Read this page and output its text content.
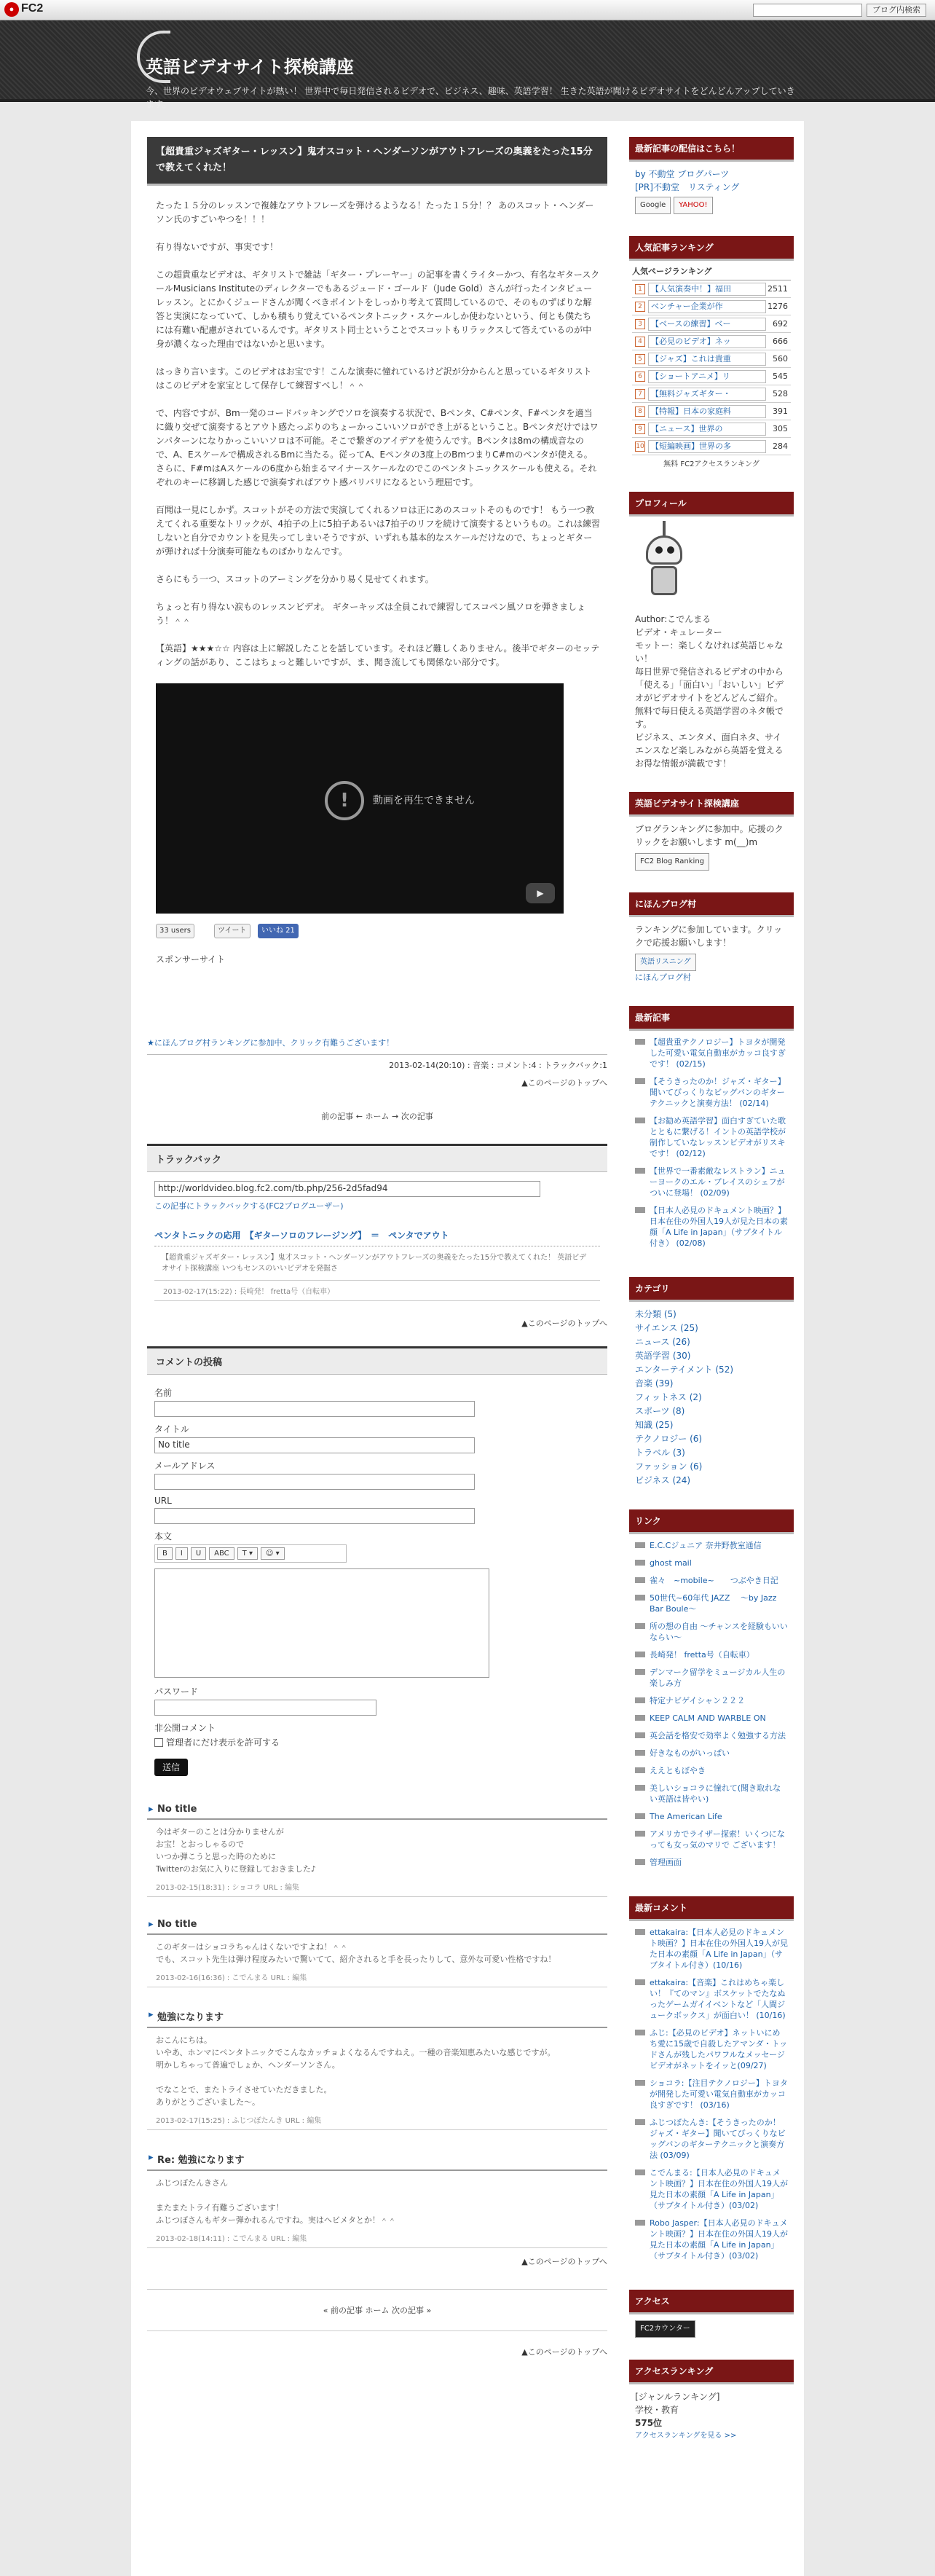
● FC2	ブログ内検索
英語ビデオサイト探検講座
今、世界のビデオウェブサイトが熱い！ 世界中で毎日発信されるビデオで、ビジネス、趣味、英語学習！ 生きた英語が聞けるビデオサイトをどんどんアップしていきます。
【超貴重ジャズギター・レッスン】鬼才スコット・ヘンダーソンがアウトフレーズの奥義をたった15分で教えてくれた！

たった１５分のレッスンで複雑なアウトフレーズを弾けるようなる！たった１５分！？ あのスコット・ヘンダーソン氏のすごいやつを！！！

有り得ないですが、事実です！

この超貴重なビデオは、ギタリストで雑誌「ギター・プレーヤー」の記事を書くライターかつ、有名なギタースクールMusicians Instituteのディレクターでもあるジュード・ゴールド（Jude Gold）さんが行ったインタビューレッスン。とにかくジュードさんが聞くべきポイントをしっかり考えて質問しているので、そのものずばりな解答と実演になっていて、しかも積もり覚えているペンタトニック・スケールしか使わないという、何とも僕たちには有難い配慮がされているんです。ギタリスト同士ということでスコットもリラックスして答えているのが中身が濃くなった理由ではないかと思います。

はっきり言います。このビデオはお宝です！こんな演奏に憧れているけど訳が分からんと思っているギタリストはこのビデオを家宝として保存して練習すべし！＾＾

で、内容ですが、Bm一発のコードバッキングでソロを演奏する状況で、Bペンタ、C#ペンタ、F#ペンタを適当に織り交ぜて演奏するとアウト感たっぷりのちょーかっこいいソロができ上がるということ。Bペンタだけではワンパターンになりかっこいいソロは不可能。そこで繋ぎのアイデアを使うんです。Bペンタは8mの構成音なので、A、Eスケールで構成されるBmに当たる。従ってA、Eペンタの3度上のBmつまりC#mのペンタが使える。さらに、F#mはAスケールの6度から始まるマイナースケールなのでこのペンタトニックスケールも使える。それぞれのキーに移調した感じで演奏すればアウト感バリバリになるという理屈です。

百聞は一見にしかず。スコットがその方法で実演してくれるソロは正にあのスコットそのものです！ もう一つ教えてくれる重要なトリックが、4拍子の上に5拍子あるいは7拍子のリフを続けて演奏するというもの。これは練習しないと自分でカウントを見失ってしまいそうですが、いずれも基本的なスケールだけなので、ちょっとギターが弾ければ十分演奏可能なものばかりなんです。

さらにもう一つ、スコットのアーミングを分かり易く見せてくれます。

ちょっと有り得ない涙ものレッスンビデオ。 ギターキッズは全員これで練習してスコペン風ソロを弾きましょう！＾＾

【英語】★★★☆☆ 内容は上に解説したことを話しています。それほど難しくありません。後半でギターのセッティングの話があり、ここはちょっと難しいですが、ま、聞き流しても関係ない部分です。

!	動画を再生できません
▶
33 users	ツイート	いいね 21
スポンサーサイト
★にほんブログ村ランキングに参加中、クリック有難うございます！
2013-02-14(20:10) : 音楽 : コメント:4 : トラックバック:1
▲このページのトップへ
前の記事 ← ホーム → 次の記事
トラックバック
http://worldvideo.blog.fc2.com/tb.php/256-2d5fad94
この記事にトラックバックする(FC2ブログユーザー)
ペンタトニックの応用　【ギターソロのフレージング】　＝　ペンタでアウト
【超貴重ジャズギター・レッスン】鬼才スコット・ヘンダーソンがアウトフレーズの奥義をたった15分で教えてくれた！ 英語ビデオサイト探検講座 いつもセンスのいいビデオを発掘さ
2013-02-17(15:22) : 長崎発！ fretta号（自転車）
▲このページのトップへ
コメントの投稿
名前
タイトル
No title
メールアドレス
URL
本文
B	I	U	ABC	T ▾	☺ ▾
パスワード
非公開コメント
管理者にだけ表示を許可する
送信
▸ No title
今はギターのことは分かりませんが
お宝！とおっしゃるので
いつか弾こうと思った時のために
Twitterのお気に入りに登録しておきました♪
2013-02-15(18:31) : ショコラ URL : 編集
▸ No title
このギターはショコラちゃんはくないですよね！＾＾
でも、スコット先生は弾け程度みたいで驚いてて、紹介されると手を長ったりして、意外な可愛い性格ですね！
2013-02-16(16:36) : こでんまる URL : 編集
▸ 勉強になります
おこんにちは。
いやあ、ホンマにペンタトニックでこんなカッチョよくなるんですねえ。一種の音楽知恵みたいな感じですが。
明かしちゃって普遍でしょか、ヘンダーソンさん。
でなことで、またトライさせていただきました。
ありがとうございました～。
2013-02-17(15:25) : ふじつぼたんき URL : 編集
▸ Re: 勉強になります
ふじつぼたんきさん
またまたトライ有難うございます！
ふじつぼさんもギター弾かれるんですね。実はヘビメタとか！＾＾
2013-02-18(14:11) : こでんまる URL : 編集
▲このページのトップへ
« 前の記事 ホーム 次の記事 »
▲このページのトップへ
最新記事の配信はこちら！
by 不動堂 ブログパーツ
[PR]不動堂　リスティング
Google YAHOO!
人気記事ランキング
人気ページランキング
1	【人気演奏中！】福田	2511
2	ベンチャー企業が作	1276
3	【ベースの練習】ベー	692
4	【必見のビデオ】ネッ	666
5	【ジャズ】これは貴重	560
6	【ショートアニメ】リ	545
7	【無料ジャズギター・	528
8	【特報】日本の家庭料	391
9	【ニュース】世界の	305
10 【短編映画】世界の多	284
無料 FC2アクセスランキング
プロフィール
Author:こでんまる
ビデオ・キュレーター
モットー：楽しくなければ英語じゃない！
毎日世界で発信されるビデオの中から「使える」「面白い」「おいしい」ビデオがビデオサイトをどんどんご紹介。
無料で毎日使える英語学習のネタ帳です。
ビジネス、エンタメ、面白ネタ、サイエンスなど楽しみながら英語を覚えるお得な情報が満載です！
英語ビデオサイト探検講座
ブログランキングに参加中。応援のクリックをお願いします m(__)m
FC2 Blog Ranking
にほんブログ村
ランキングに参加しています。クリックで応援お願いします！
英語リスニング
にほんブログ村
最新記事
【超貴重テクノロジー】トヨタが開発した可愛い電気自動車がカッコ良すぎです！ (02/15)
【そうきったのか！ジャズ・ギター】 聞いてびっくりなビッグバンのギターテクニックと演奏方法！ (02/14)
【お勧め英語学習】面白すぎていた歌とともに繋げる！イントの英語学校が制作していなレッスンビデオがリスキです！ (02/12)
【世界で一番素敵なレストラン】ニューヨークのエル・ブレイスのシェフがついに登場！ (02/09)
【日本人必見のドキュメント映画？】日本在住の外国人19人が見た日本の素顔「A Life in Japan」（サブタイトル付き） (02/08)
カテゴリ
未分類 (5)
サイエンス (25)
ニュース (26)
英語学習 (30)
エンターテイメント (52)
音楽 (39)
フィットネス (2)
スポーツ (8)
知識 (25)
テクノロジー (6)
トラベル (3)
ファッション (6)
ビジネス (24)
リンク
E.C.Cジュニア 奈井野教室通信
ghost mail
雀々　~mobile~　　つぶやき日記
50世代~60年代 JAZZ 　～by Jazz Bar Boule～
所の想の自由 ～チャンスを経験もいいならい～
長崎発！ fretta号（自転車）
デンマーク留学をミュージカル人生の楽しみ方
特定ナビゲイシャン２２２
KEEP CALM AND WARBLE ON
英会話を格安で効率よく勉強する方法
好きなものがいっぱい
ええともぼやき
美しいショコラに憧れて(聞き取れない英語は皆やい)
The American Life
アメリカでライザー探索！いくつになっても女っ気のマリで ございます！
管理画面
最新コメント
ettakaira:【日本人必見のドキュメント映画？】日本在住の外国人19人が見た日本の素顔「A Life in Japan」（サブタイトル付き）(10/16)
ettakaira:【音楽】これはめちゃ楽しい！『てのマン』ボスケットでたなぬったゲームガイイベントなど「人間ジュークボックス」が面白い！ (10/16)
ふじ:【必見のビデオ】ネットいにめち愛に15歳で自殺したアマンダ・トッドさんが残したパワフルなメッセージビデオがネットをイッと(09/27)
ショコラ:【注目テクノロジー】トヨタが開発した可愛い電気自動車がカッコ良すぎです！ (03/16)
ふじつぼたんき:【そうきったのか！ジャズ・ギター】聞いてびっくりなビッグバンのギターテクニックと演奏方法 (03/09)
こでんまる:【日本人必見のドキュメント映画？】日本在住の外国人19人が見た日本の素顔「A Life in Japan」（サブタイトル付き）(03/02)
Robo Jasper:【日本人必見のドキュメント映画？】日本在住の外国人19人が見た日本の素顔「A Life in Japan」（サブタイトル付き）(03/02)
アクセス
FC2カウンター
アクセスランキング
[ジャンルランキング]
学校・教育
575位
アクセスランキングを見る >>
